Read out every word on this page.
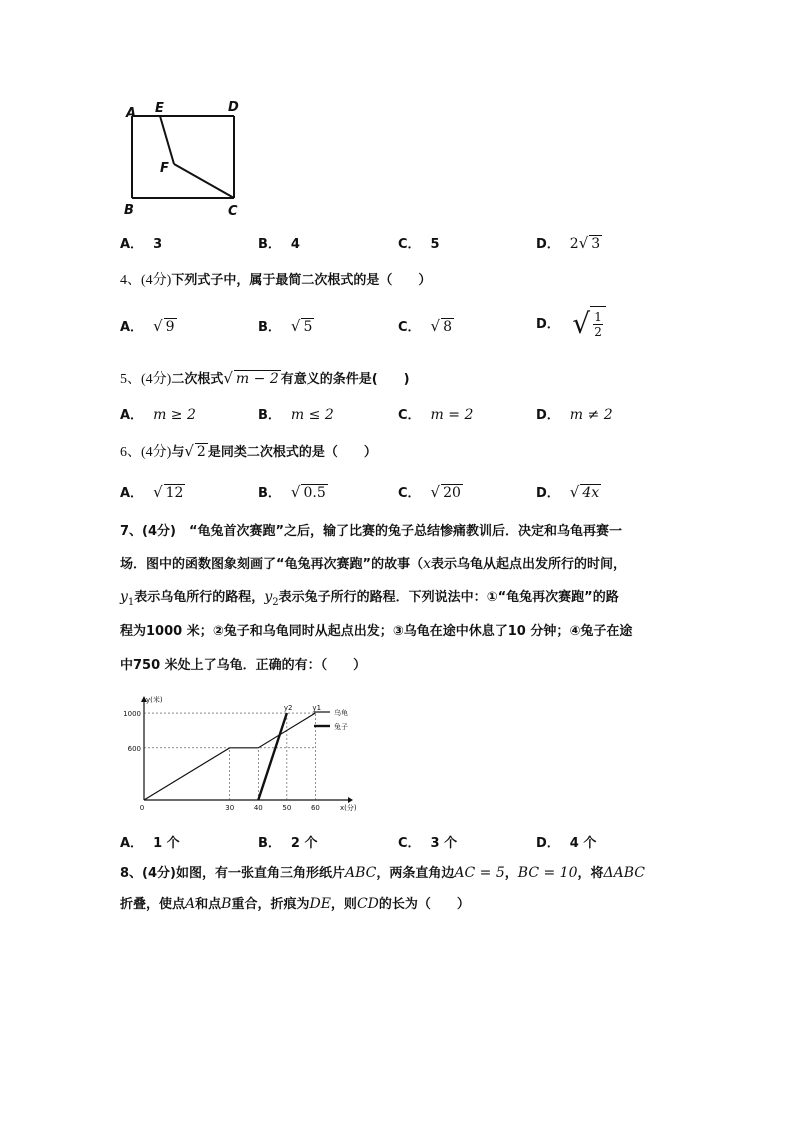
A E	D
F
B	C
A． 3	B． 4	C． 5	D． 2√ 3
4、(4分)下列式子中，属于最简二次根式的是（　　）
A． √ 9	B． √ 5	C． √ 8	D． √ $\frac{1}{2}$
5、(4分)二次根式√ m − 2 有意义的条件是(　　)
A． m ≥ 2	B． m ≤ 2	C． m = 2	D． m ≠ 2
6、(4分)与√ 2 是同类二次根式的是（　　）
A． √ 12	B． √ 0.5	C． √ 20	D． √ 4x
7、(4分)　“龟兔首次赛跑”之后，输了比赛的兔子总结惨痛教训后．决定和乌龟再赛一
场．图中的函数图象刻画了“龟兔再次赛跑”的故事（x表示乌龟从起点出发所行的时间，
$y_1$表示乌龟所行的路程，$y_2$表示兔子所行的路程．下列说法中：①“龟兔再次赛跑”的路
程为1000 米；②兔子和乌龟同时从起点出发；③乌龟在途中休息了10 分钟；④兔子在途
中750 米处上了乌龟．正确的有：（　　）
600
1000
0	30	40	50	60	x(分)
y(米)
y1
y2
乌龟
兔子
A． 1 个	B． 2 个	C． 3 个	D． 4 个
8、(4分)如图，有一张直角三角形纸片ABC，两条直角边AC = 5，BC = 10，将ΔABC
折叠，使点A和点B重合，折痕为DE，则CD的长为（　　）
